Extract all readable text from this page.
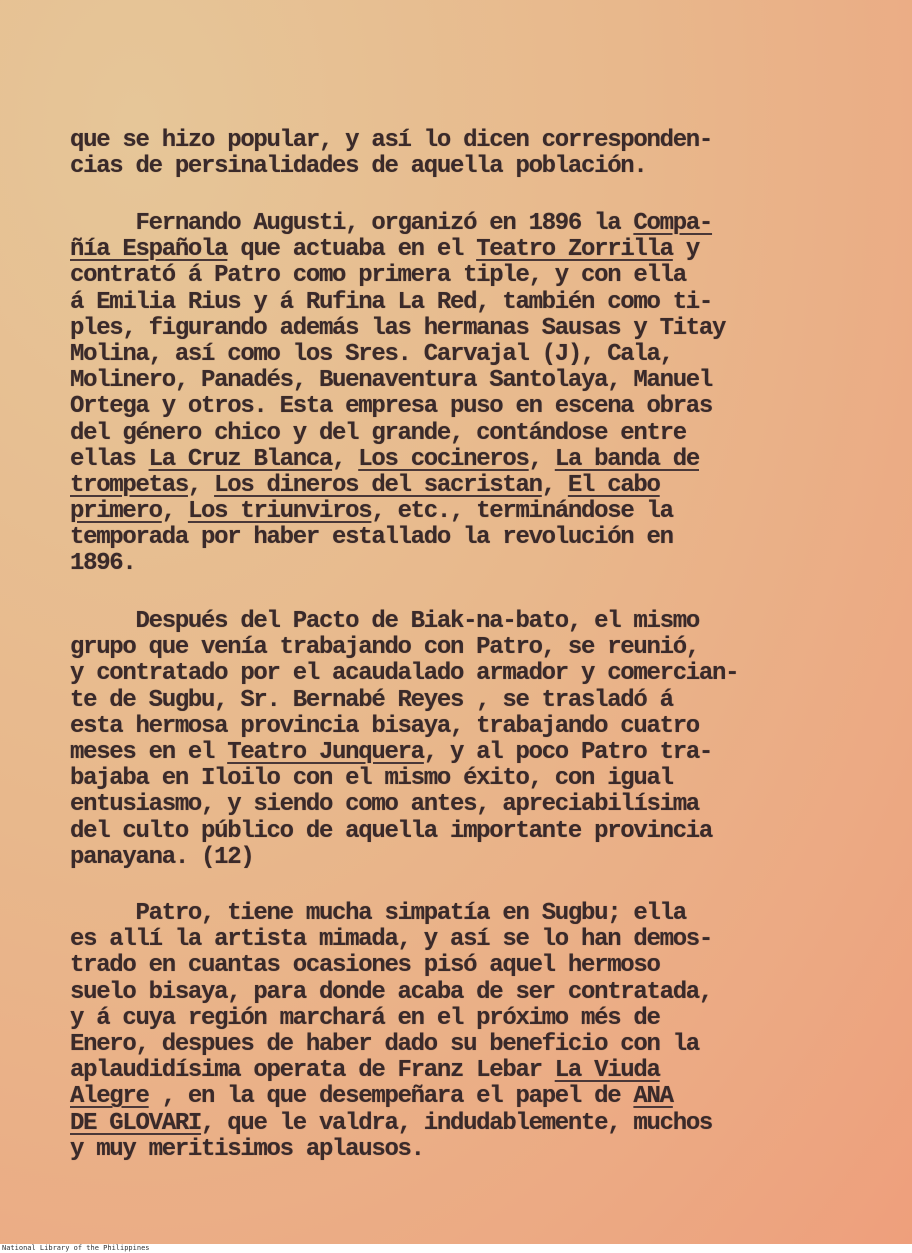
que se hizo popular, y así lo dicen corresponden-
cias de persinalidades de aquella población.
Fernando Augusti, organizó en 1896 la Compa-
ñía Española que actuaba en el Teatro Zorrilla y
contrató á Patro como primera tiple, y con ella
á Emilia Rius y á Rufina La Red, también como ti-
ples, figurando además las hermanas Sausas y Titay
Molina, así como los Sres. Carvajal (J), Cala,
Molinero, Panadés, Buenaventura Santolaya, Manuel
Ortega y otros. Esta empresa puso en escena obras
del género chico y del grande, contándose entre
ellas La Cruz Blanca, Los cocineros, La banda de
trompetas, Los dineros del sacristan, El cabo
primero, Los triunviros, etc., terminándose la
temporada por haber estallado la revolución en
1896.
Después del Pacto de Biak-na-bato, el mismo
grupo que venía trabajando con Patro, se reunió,
y contratado por el acaudalado armador y comercian-
te de Sugbu, Sr. Bernabé Reyes , se trasladó á
esta hermosa provincia bisaya, trabajando cuatro
meses en el Teatro Junquera, y al poco Patro tra-
bajaba en Iloilo con el mismo éxito, con igual
entusiasmo, y siendo como antes, apreciabilísima
del culto público de aquella importante provincia
panayana. (12)
Patro, tiene mucha simpatía en Sugbu; ella
es allí la artista mimada, y así se lo han demos-
trado en cuantas ocasiones pisó aquel hermoso
suelo bisaya, para donde acaba de ser contratada,
y á cuya región marchará en el próximo més de
Enero, despues de haber dado su beneficio con la
aplaudidísima operata de Franz Lebar La Viuda
Alegre , en la que desempeñara el papel de ANA
DE GLOVARI, que le valdra, indudablemente, muchos
y muy meritisimos aplausos.
National Library of the Philippines
